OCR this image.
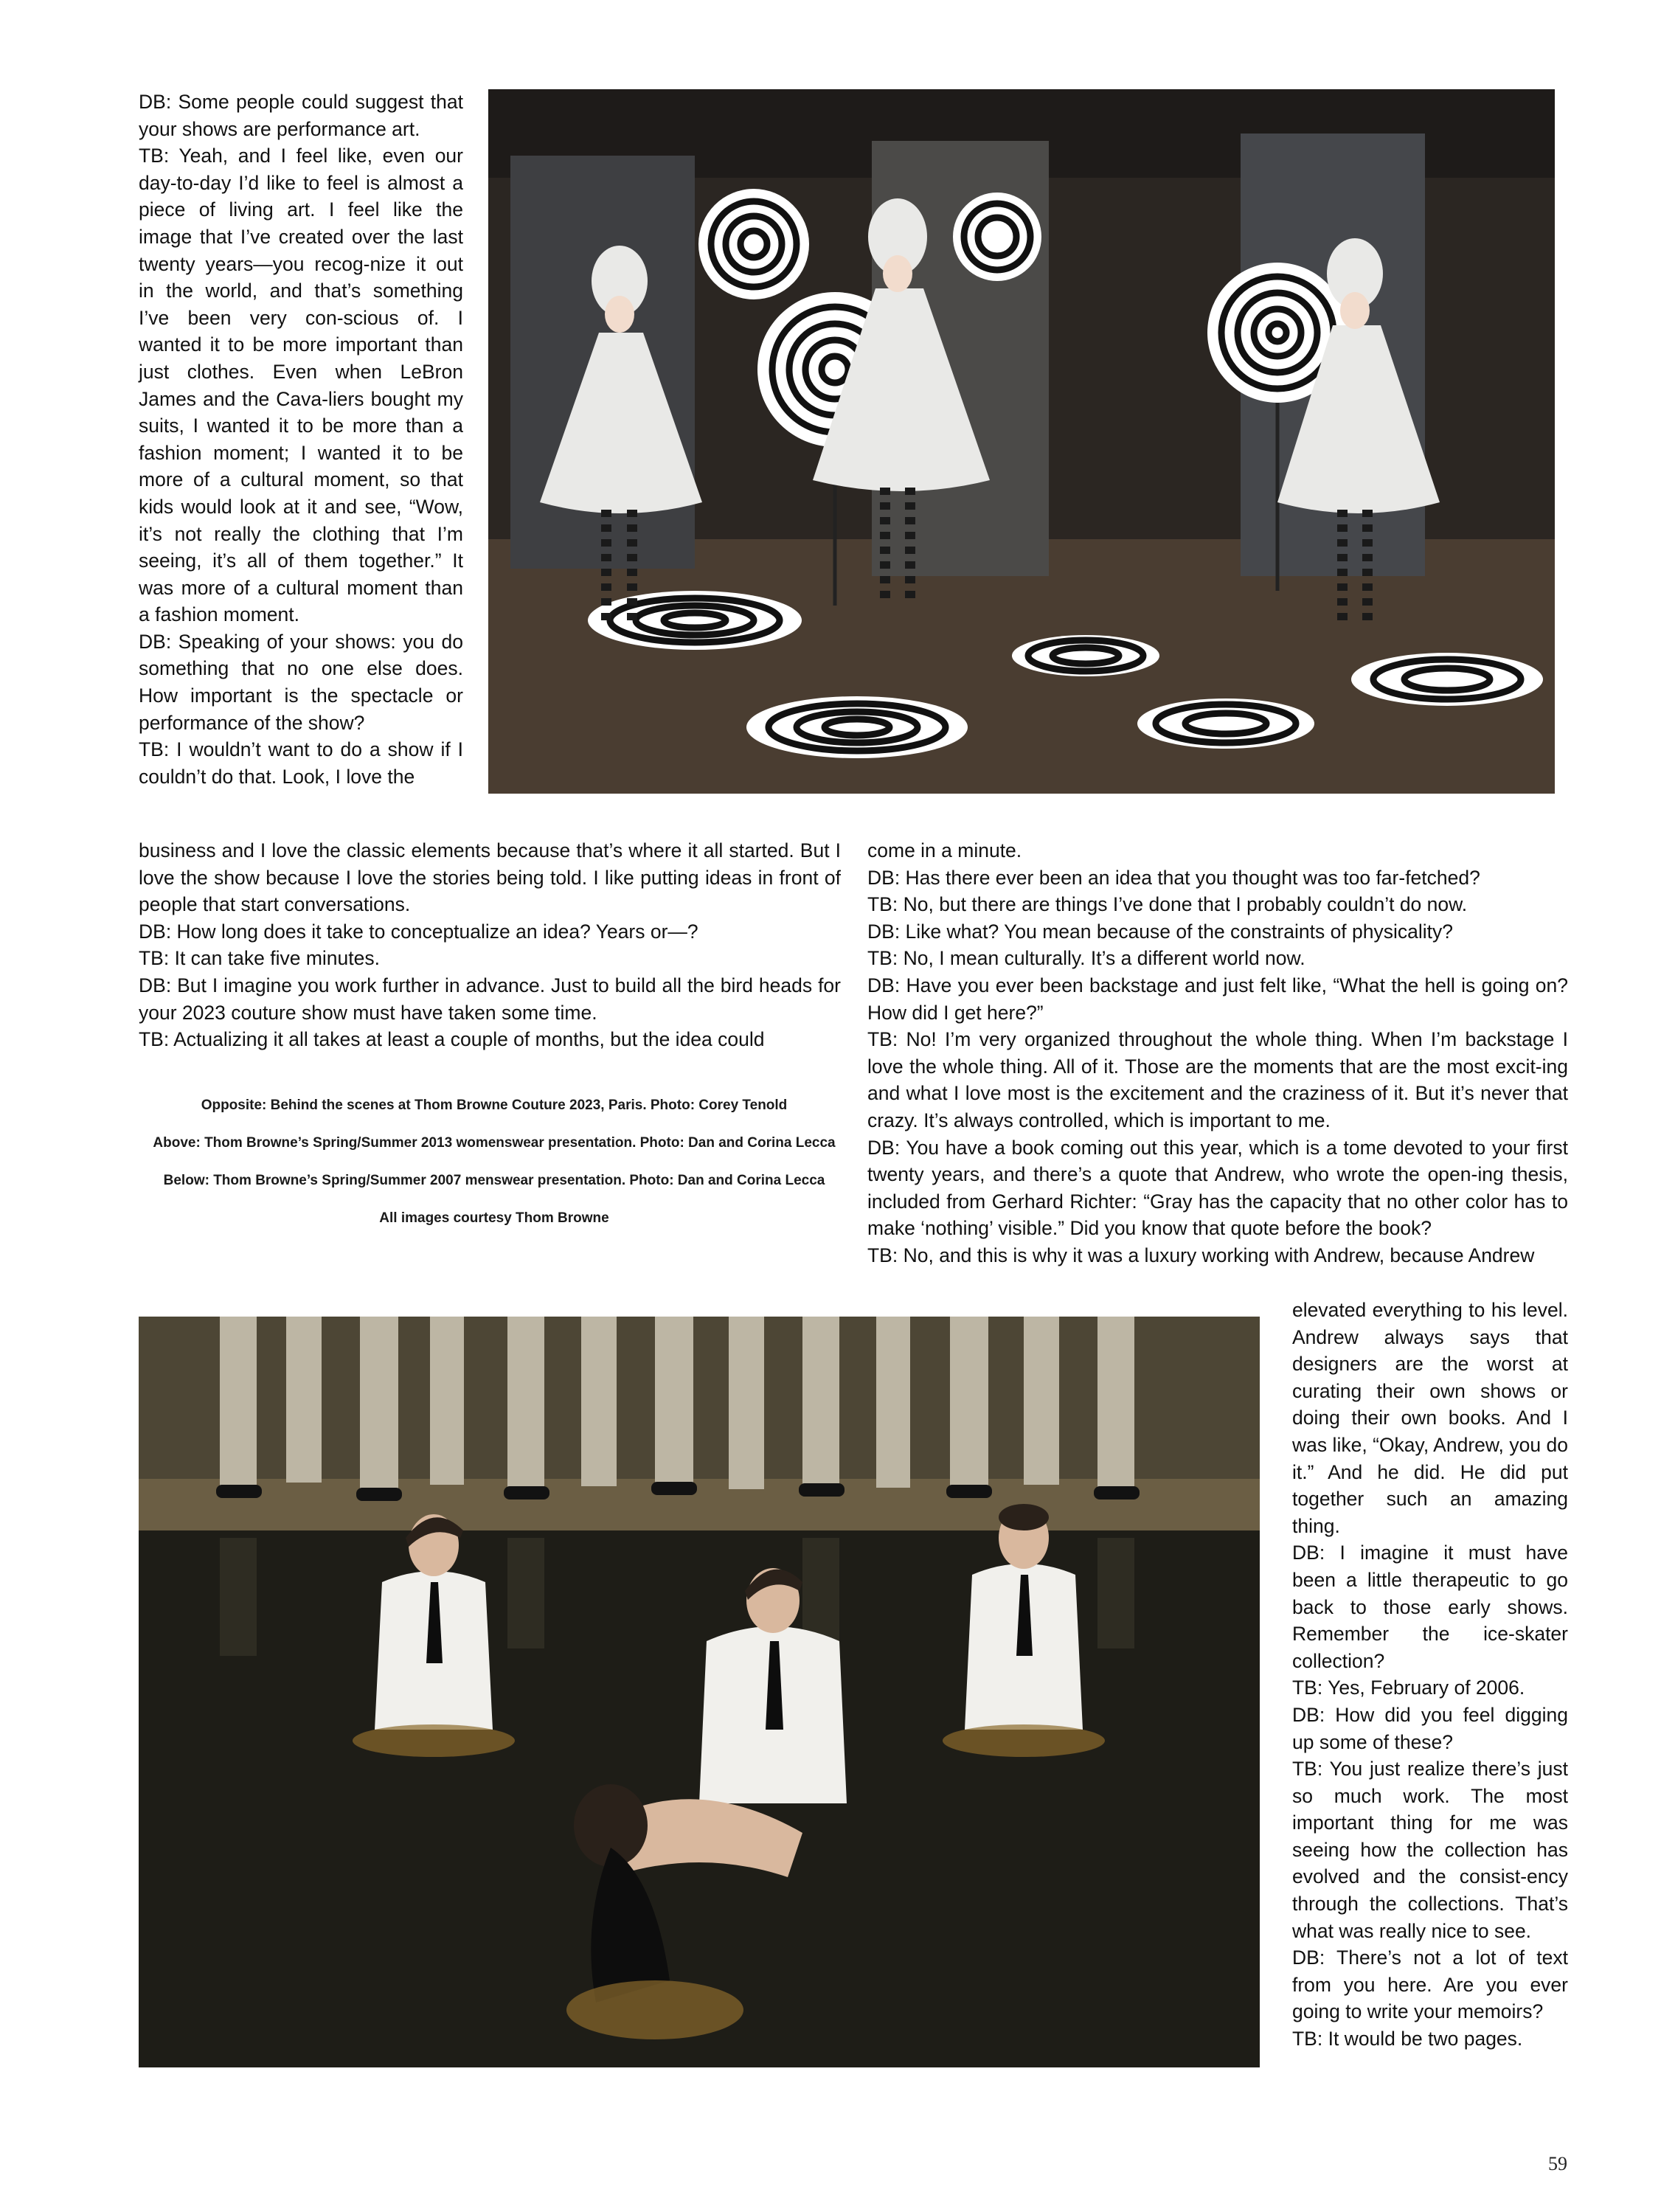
DB: Some people could suggest that your shows are performance art.

TB: Yeah, and I feel like, even our day-to-day I’d like to feel is almost a piece of living art. I feel like the image that I’ve created over the last twenty years—you recog-nize it out in the world, and that’s something I’ve been very con-scious of. I wanted it to be more important than just clothes. Even when LeBron James and the Cava-liers bought my suits, I wanted it to be more than a fashion moment; I wanted it to be more of a cultural moment, so that kids would look at it and see, “Wow, it’s not really the clothing that I’m seeing, it’s all of them together.” It was more of a cultural moment than a fashion moment.

DB: Speaking of your shows: you do something that no one else does. How important is the spectacle or performance of the show?

TB: I wouldn’t want to do a show if I couldn’t do that. Look, I love the

business and I love the classic elements because that’s where it all started. But I love the show because I love the stories being told. I like putting ideas in front of people that start conversations.

DB: How long does it take to conceptualize an idea? Years or—?

TB: It can take five minutes.

DB: But I imagine you work further in advance. Just to build all the bird heads for your 2023 couture show must have taken some time.

TB: Actualizing it all takes at least a couple of months, but the idea could

Opposite: Behind the scenes at Thom Browne Couture 2023, Paris. Photo: Corey Tenold

Above: Thom Browne’s Spring/Summer 2013 womenswear presentation. Photo: Dan and Corina Lecca

Below: Thom Browne’s Spring/Summer 2007 menswear presentation. Photo: Dan and Corina Lecca

All images courtesy Thom Browne

come in a minute.

DB: Has there ever been an idea that you thought was too far-fetched?

TB: No, but there are things I’ve done that I probably couldn’t do now.

DB: Like what? You mean because of the constraints of physicality?

TB: No, I mean culturally. It’s a different world now.

DB: Have you ever been backstage and just felt like, “What the hell is going on? How did I get here?”

TB: No! I’m very organized throughout the whole thing. When I’m backstage I love the whole thing. All of it. Those are the moments that are the most excit-ing and what I love most is the excitement and the craziness of it. But it’s never that crazy. It’s always controlled, which is important to me.

DB: You have a book coming out this year, which is a tome devoted to your first twenty years, and there’s a quote that Andrew, who wrote the open-ing thesis, included from Gerhard Richter: “Gray has the capacity that no other color has to make ‘nothing’ visible.” Did you know that quote before the book?

TB: No, and this is why it was a luxury working with Andrew, because Andrew

elevated everything to his level. Andrew always says that designers are the worst at curating their own shows or doing their own books. And I was like, “Okay, Andrew, you do it.” And he did. He did put together such an amazing thing.

DB: I imagine it must have been a little therapeutic to go back to those early shows. Remember the ice-skater collection?

TB: Yes, February of 2006.

DB: How did you feel digging up some of these?

TB: You just realize there’s just so much work. The most important thing for me was seeing how the collection has evolved and the consist-ency through the collections. That’s what was really nice to see.

DB: There’s not a lot of text from you here. Are you ever going to write your memoirs?

TB: It would be two pages.

59
